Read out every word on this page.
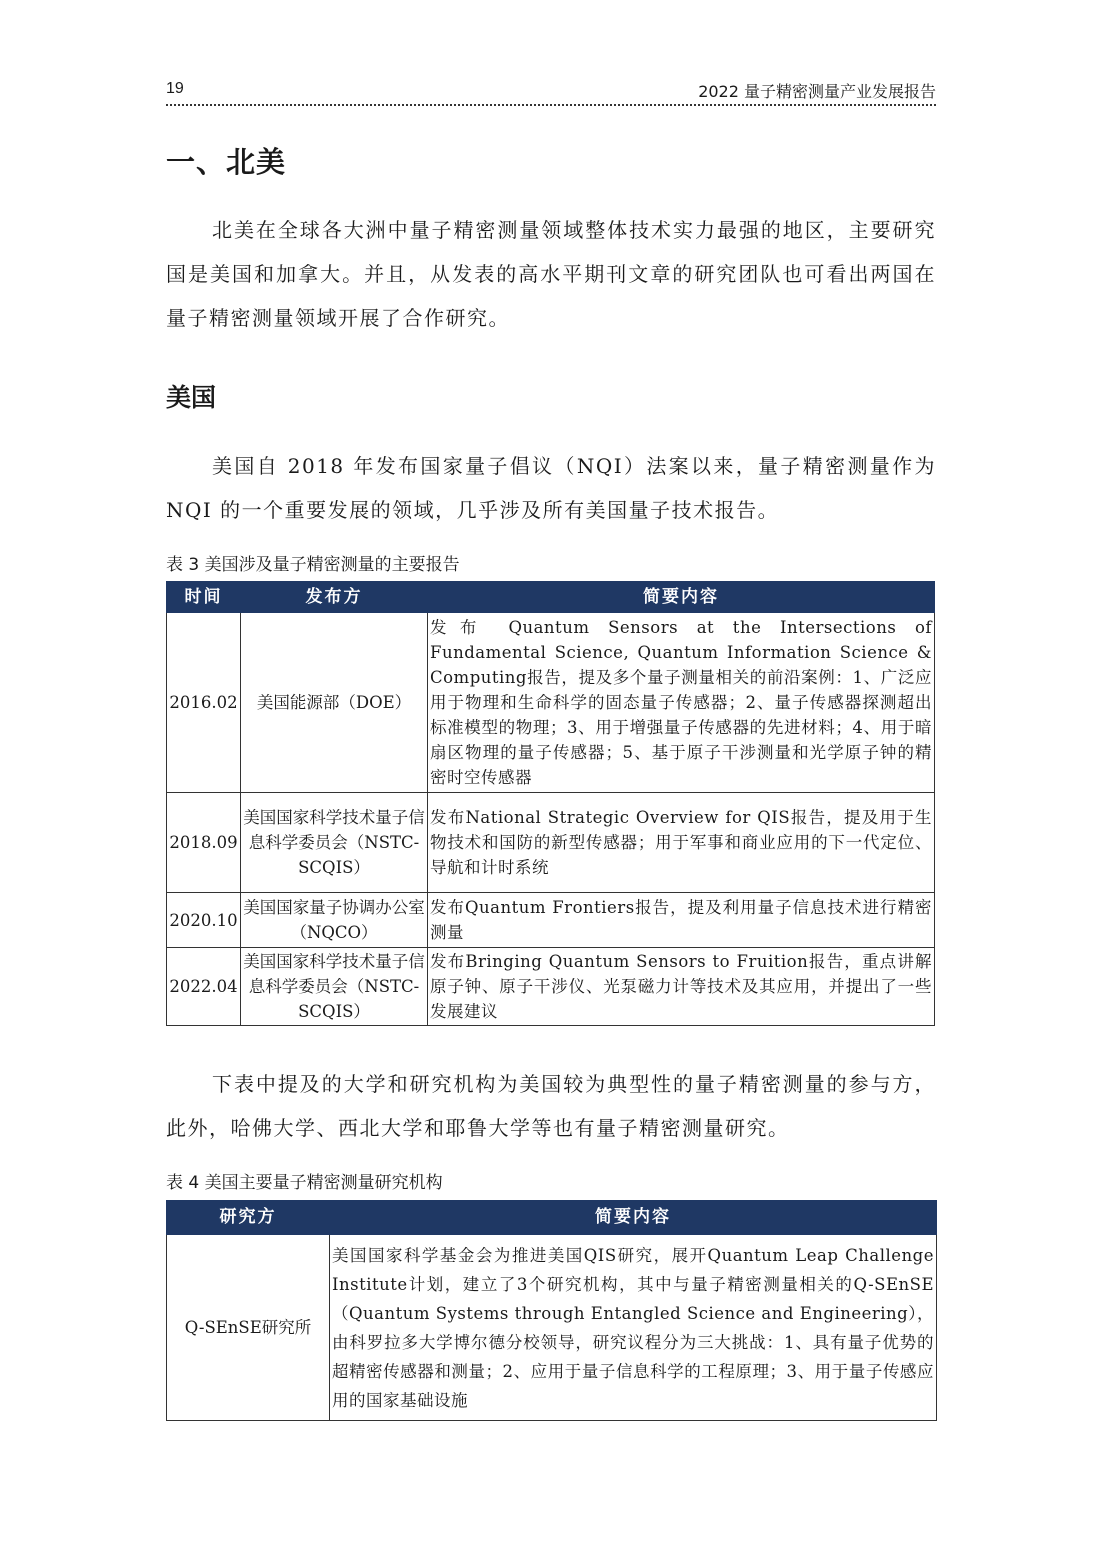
19	2022 量子精密测量产业发展报告
一、北美

北美在全球各大洲中量子精密测量领域整体技术实力最强的地区，主要研究国是美国和加拿大。并且，从发表的高水平期刊文章的研究团队也可看出两国在量子精密测量领域开展了合作研究。

美国

美国自 2018 年发布国家量子倡议（NQI）法案以来，量子精密测量作为 NQI 的一个重要发展的领域，几乎涉及所有美国量子技术报告。

表 3 美国涉及量子精密测量的主要报告

时间	发布方	简要内容
2016.02	美国能源部（DOE）	发布 Quantum Sensors at the Intersections of Fundamental Science, Quantum Information Science & Computing报告，提及多个量子测量相关的前沿案例：1、广泛应用于物理和生命科学的固态量子传感器；2、量子传感器探测超出标准模型的物理；3、用于增强量子传感器的先进材料；4、用于暗扇区物理的量子传感器；5、基于原子干涉测量和光学原子钟的精密时空传感器
2018.09	美国国家科学技术量子信息科学委员会（NSTC-SCQIS）	发布National Strategic Overview for QIS报告，提及用于生物技术和国防的新型传感器；用于军事和商业应用的下一代定位、导航和计时系统
2020.10	美国国家量子协调办公室（NQCO）	发布Quantum Frontiers报告，提及利用量子信息技术进行精密测量
2022.04	美国国家科学技术量子信息科学委员会（NSTC-SCQIS）	发布Bringing Quantum Sensors to Fruition报告，重点讲解原子钟、原子干涉仪、光泵磁力计等技术及其应用，并提出了一些发展建议

下表中提及的大学和研究机构为美国较为典型性的量子精密测量的参与方，此外，哈佛大学、西北大学和耶鲁大学等也有量子精密测量研究。

表 4 美国主要量子精密测量研究机构

研究方	简要内容
Q-SEnSE研究所	美国国家科学基金会为推进美国QIS研究，展开Quantum Leap Challenge Institute计划，建立了3个研究机构，其中与量子精密测量相关的Q-SEnSE（Quantum Systems through Entangled Science and Engineering），由科罗拉多大学博尔德分校领导，研究议程分为三大挑战：1、具有量子优势的超精密传感器和测量；2、应用于量子信息科学的工程原理；3、用于量子传感应用的国家基础设施
